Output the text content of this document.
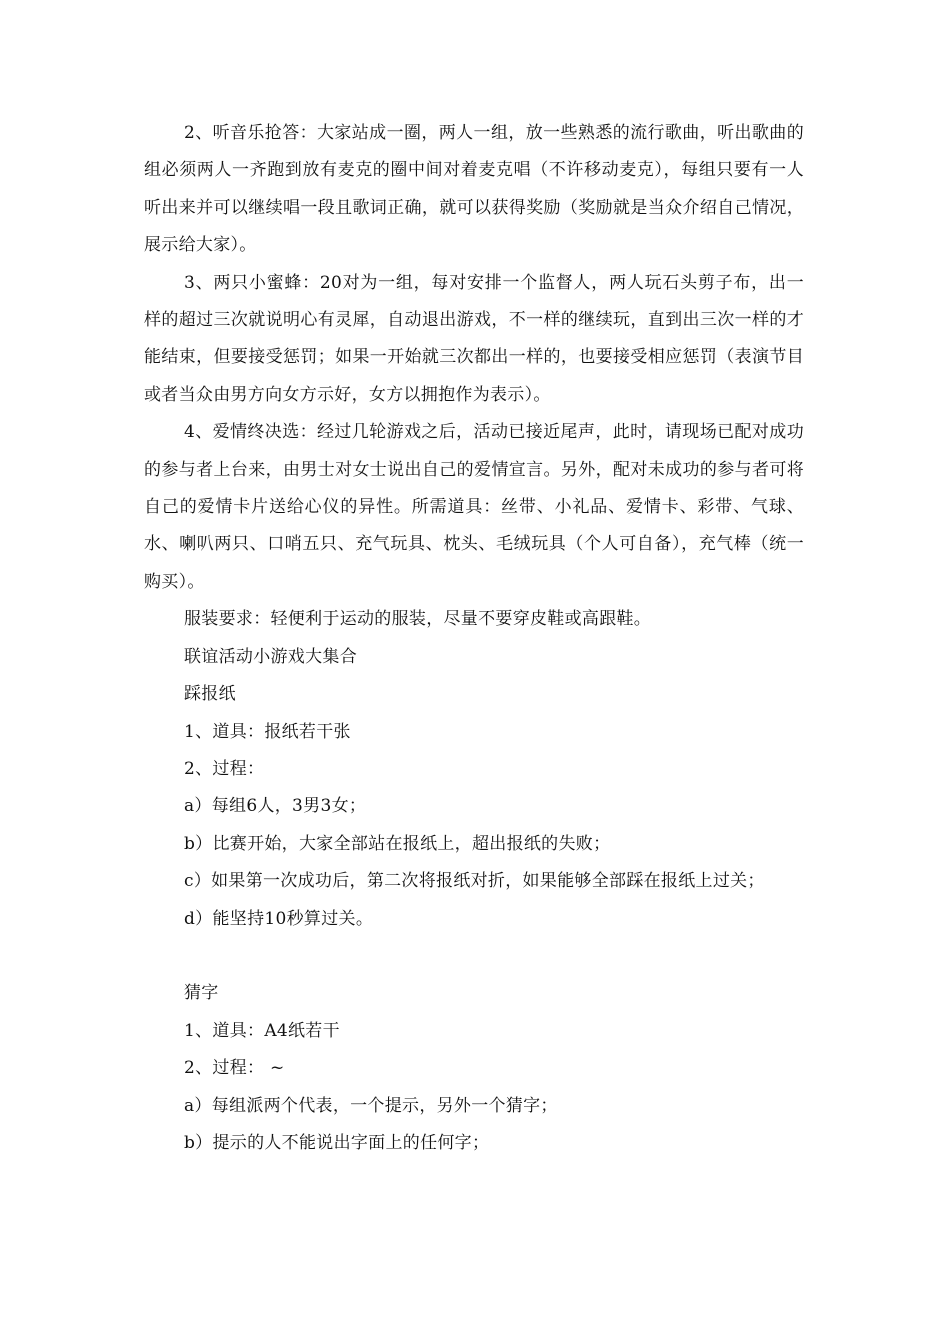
2、听音乐抢答：大家站成一圈，两人一组，放一些熟悉的流行歌曲，听出歌曲的组必须两人一齐跑到放有麦克的圈中间对着麦克唱（不许移动麦克），每组只要有一人听出来并可以继续唱一段且歌词正确，就可以获得奖励（奖励就是当众介绍自己情况，展示给大家）。

3、两只小蜜蜂：20对为一组，每对安排一个监督人，两人玩石头剪子布，出一样的超过三次就说明心有灵犀，自动退出游戏，不一样的继续玩，直到出三次一样的才能结束，但要接受惩罚；如果一开始就三次都出一样的，也要接受相应惩罚（表演节目或者当众由男方向女方示好，女方以拥抱作为表示）。

4、爱情终决选：经过几轮游戏之后，活动已接近尾声，此时，请现场已配对成功的参与者上台来，由男士对女士说出自己的爱情宣言。另外，配对未成功的参与者可将自己的爱情卡片送给心仪的异性。所需道具：丝带、小礼品、爱情卡、彩带、气球、水、喇叭两只、口哨五只、充气玩具、枕头、毛绒玩具（个人可自备），充气棒（统一购买）。

服装要求：轻便利于运动的服装，尽量不要穿皮鞋或高跟鞋。

联谊活动小游戏大集合

踩报纸

1、道具：报纸若干张

2、过程：

a）每组6人，3男3女；

b）比赛开始，大家全部站在报纸上，超出报纸的失败；

c）如果第一次成功后，第二次将报纸对折，如果能够全部踩在报纸上过关；

d）能坚持10秒算过关。

猜字

1、道具：A4纸若干

2、过程： ~

a）每组派两个代表，一个提示，另外一个猜字；

b）提示的人不能说出字面上的任何字；
